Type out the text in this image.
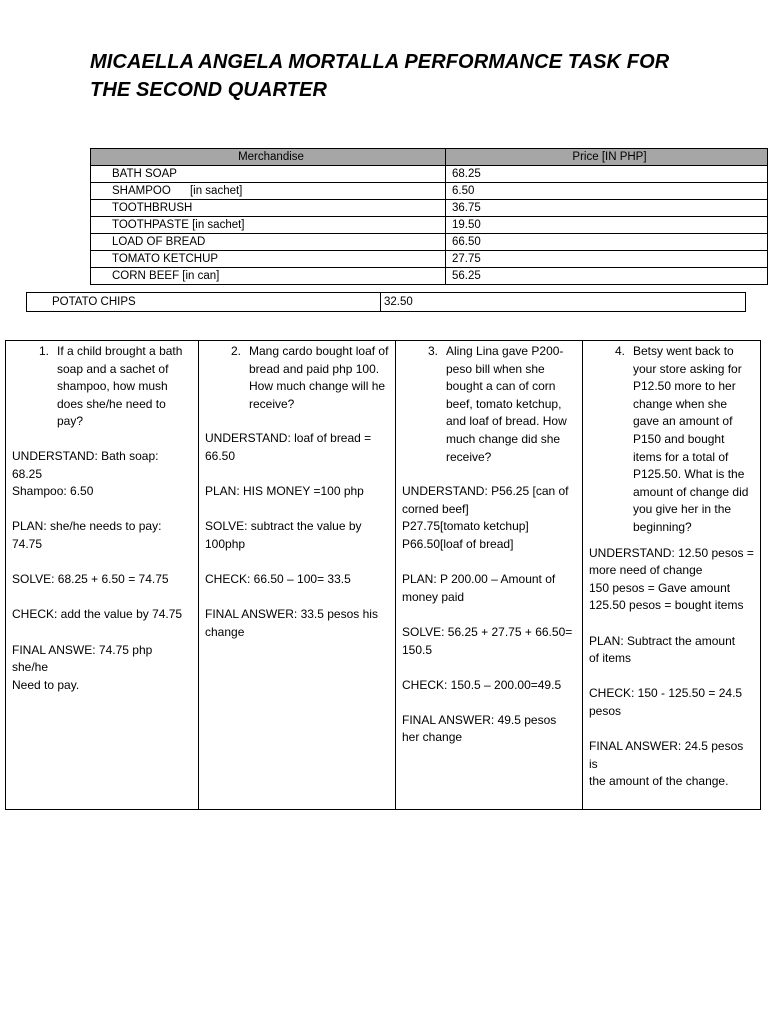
MICAELLA ANGELA MORTALLA PERFORMANCE TASK FOR
THE SECOND QUARTER
Merchandise	Price [IN PHP]
BATH SOAP	68.25
SHAMPOO      [in sachet]	6.50
TOOTHBRUSH	36.75
TOOTHPASTE [in sachet]	19.50
LOAD OF BREAD	66.50
TOMATO KETCHUP	27.75
CORN BEEF [in can]	56.25
POTATO CHIPS	32.50
1. If a child brought a bath soap and a sachet of shampoo, how mush does she/he need to pay?
UNDERSTAND: Bath soap:
68.25
Shampoo: 6.50
PLAN: she/he needs to pay:
74.75
SOLVE: 68.25 + 6.50 = 74.75
CHECK: add the value by 74.75
FINAL ANSWE: 74.75 php
she/he
Need to pay.
2. Mang cardo bought loaf of bread and paid php 100. How much change will he receive?
UNDERSTAND: loaf of bread =
66.50
PLAN: HIS MONEY =100 php
SOLVE: subtract the value by
100php
CHECK: 66.50 – 100= 33.5
FINAL ANSWER: 33.5 pesos his
change
3. Aling Lina gave P200-peso bill when she bought a can of corn beef, tomato ketchup, and loaf of bread. How much change did she receive?
UNDERSTAND: P56.25 [can of
corned beef]
P27.75[tomato ketchup]
P66.50[loaf of bread]
PLAN: P 200.00 – Amount of
money paid
SOLVE: 56.25 + 27.75 + 66.50=
150.5
CHECK: 150.5 – 200.00=49.5
FINAL ANSWER: 49.5 pesos
her change
4. Betsy went back to your store asking for P12.50 more to her change when she gave an amount of P150 and bought items for a total of P125.50. What is the amount of change did you give her in the beginning?
UNDERSTAND: 12.50 pesos =
more need of change
150 pesos = Gave amount
125.50 pesos = bought items
PLAN: Subtract the amount
of items
CHECK: 150 - 125.50 = 24.5
pesos
FINAL ANSWER: 24.5 pesos is
the amount of the change.
